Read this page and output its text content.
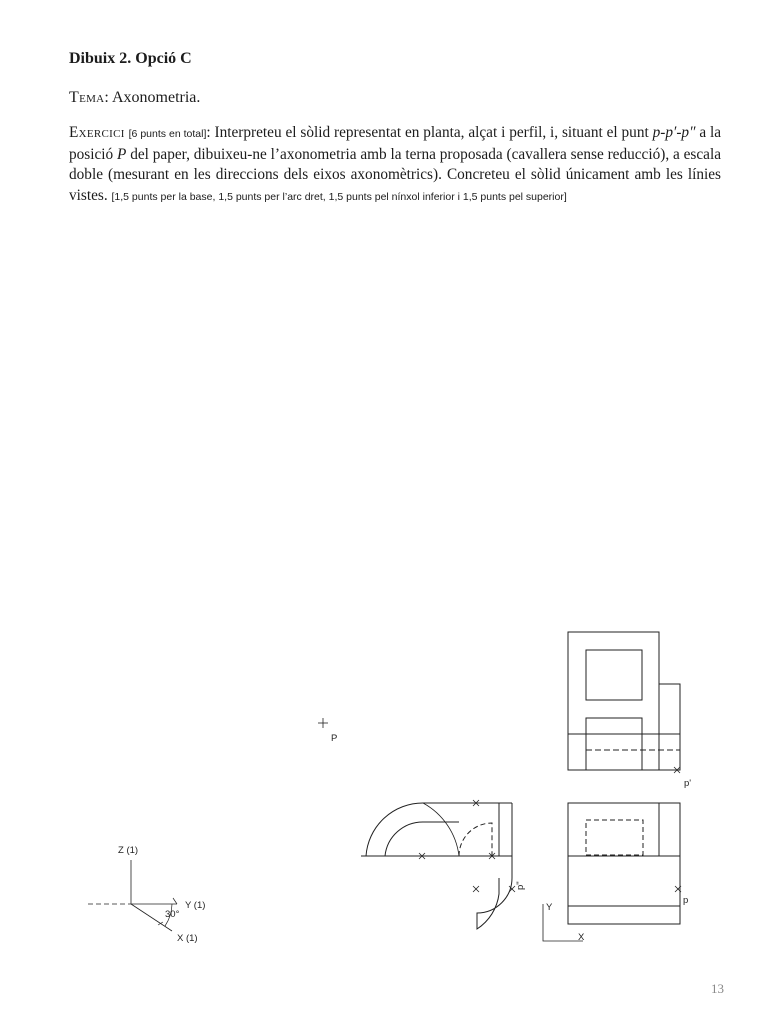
Dibuix 2. Opció C
Tema: Axonometria.
Exercici [6 punts en total]: Interpreteu el sòlid representat en planta, alçat i perfil, i, situant el punt p-p′-p″ a la posició P del paper, dibuixeu-ne l’axonometria amb la terna proposada (cavallera sense reducció), a escala doble (mesurant en les direccions dels eixos axonomètrics). Concreteu el sòlid únicament amb les línies vistes. [1,5 punts per la base, 1,5 punts per l’arc dret, 1,5 punts pel nínxol inferior i 1,5 punts pel superior]
P
Z (1)
Y (1)
30°
X (1)
p"
p'
p
Y
X
13
